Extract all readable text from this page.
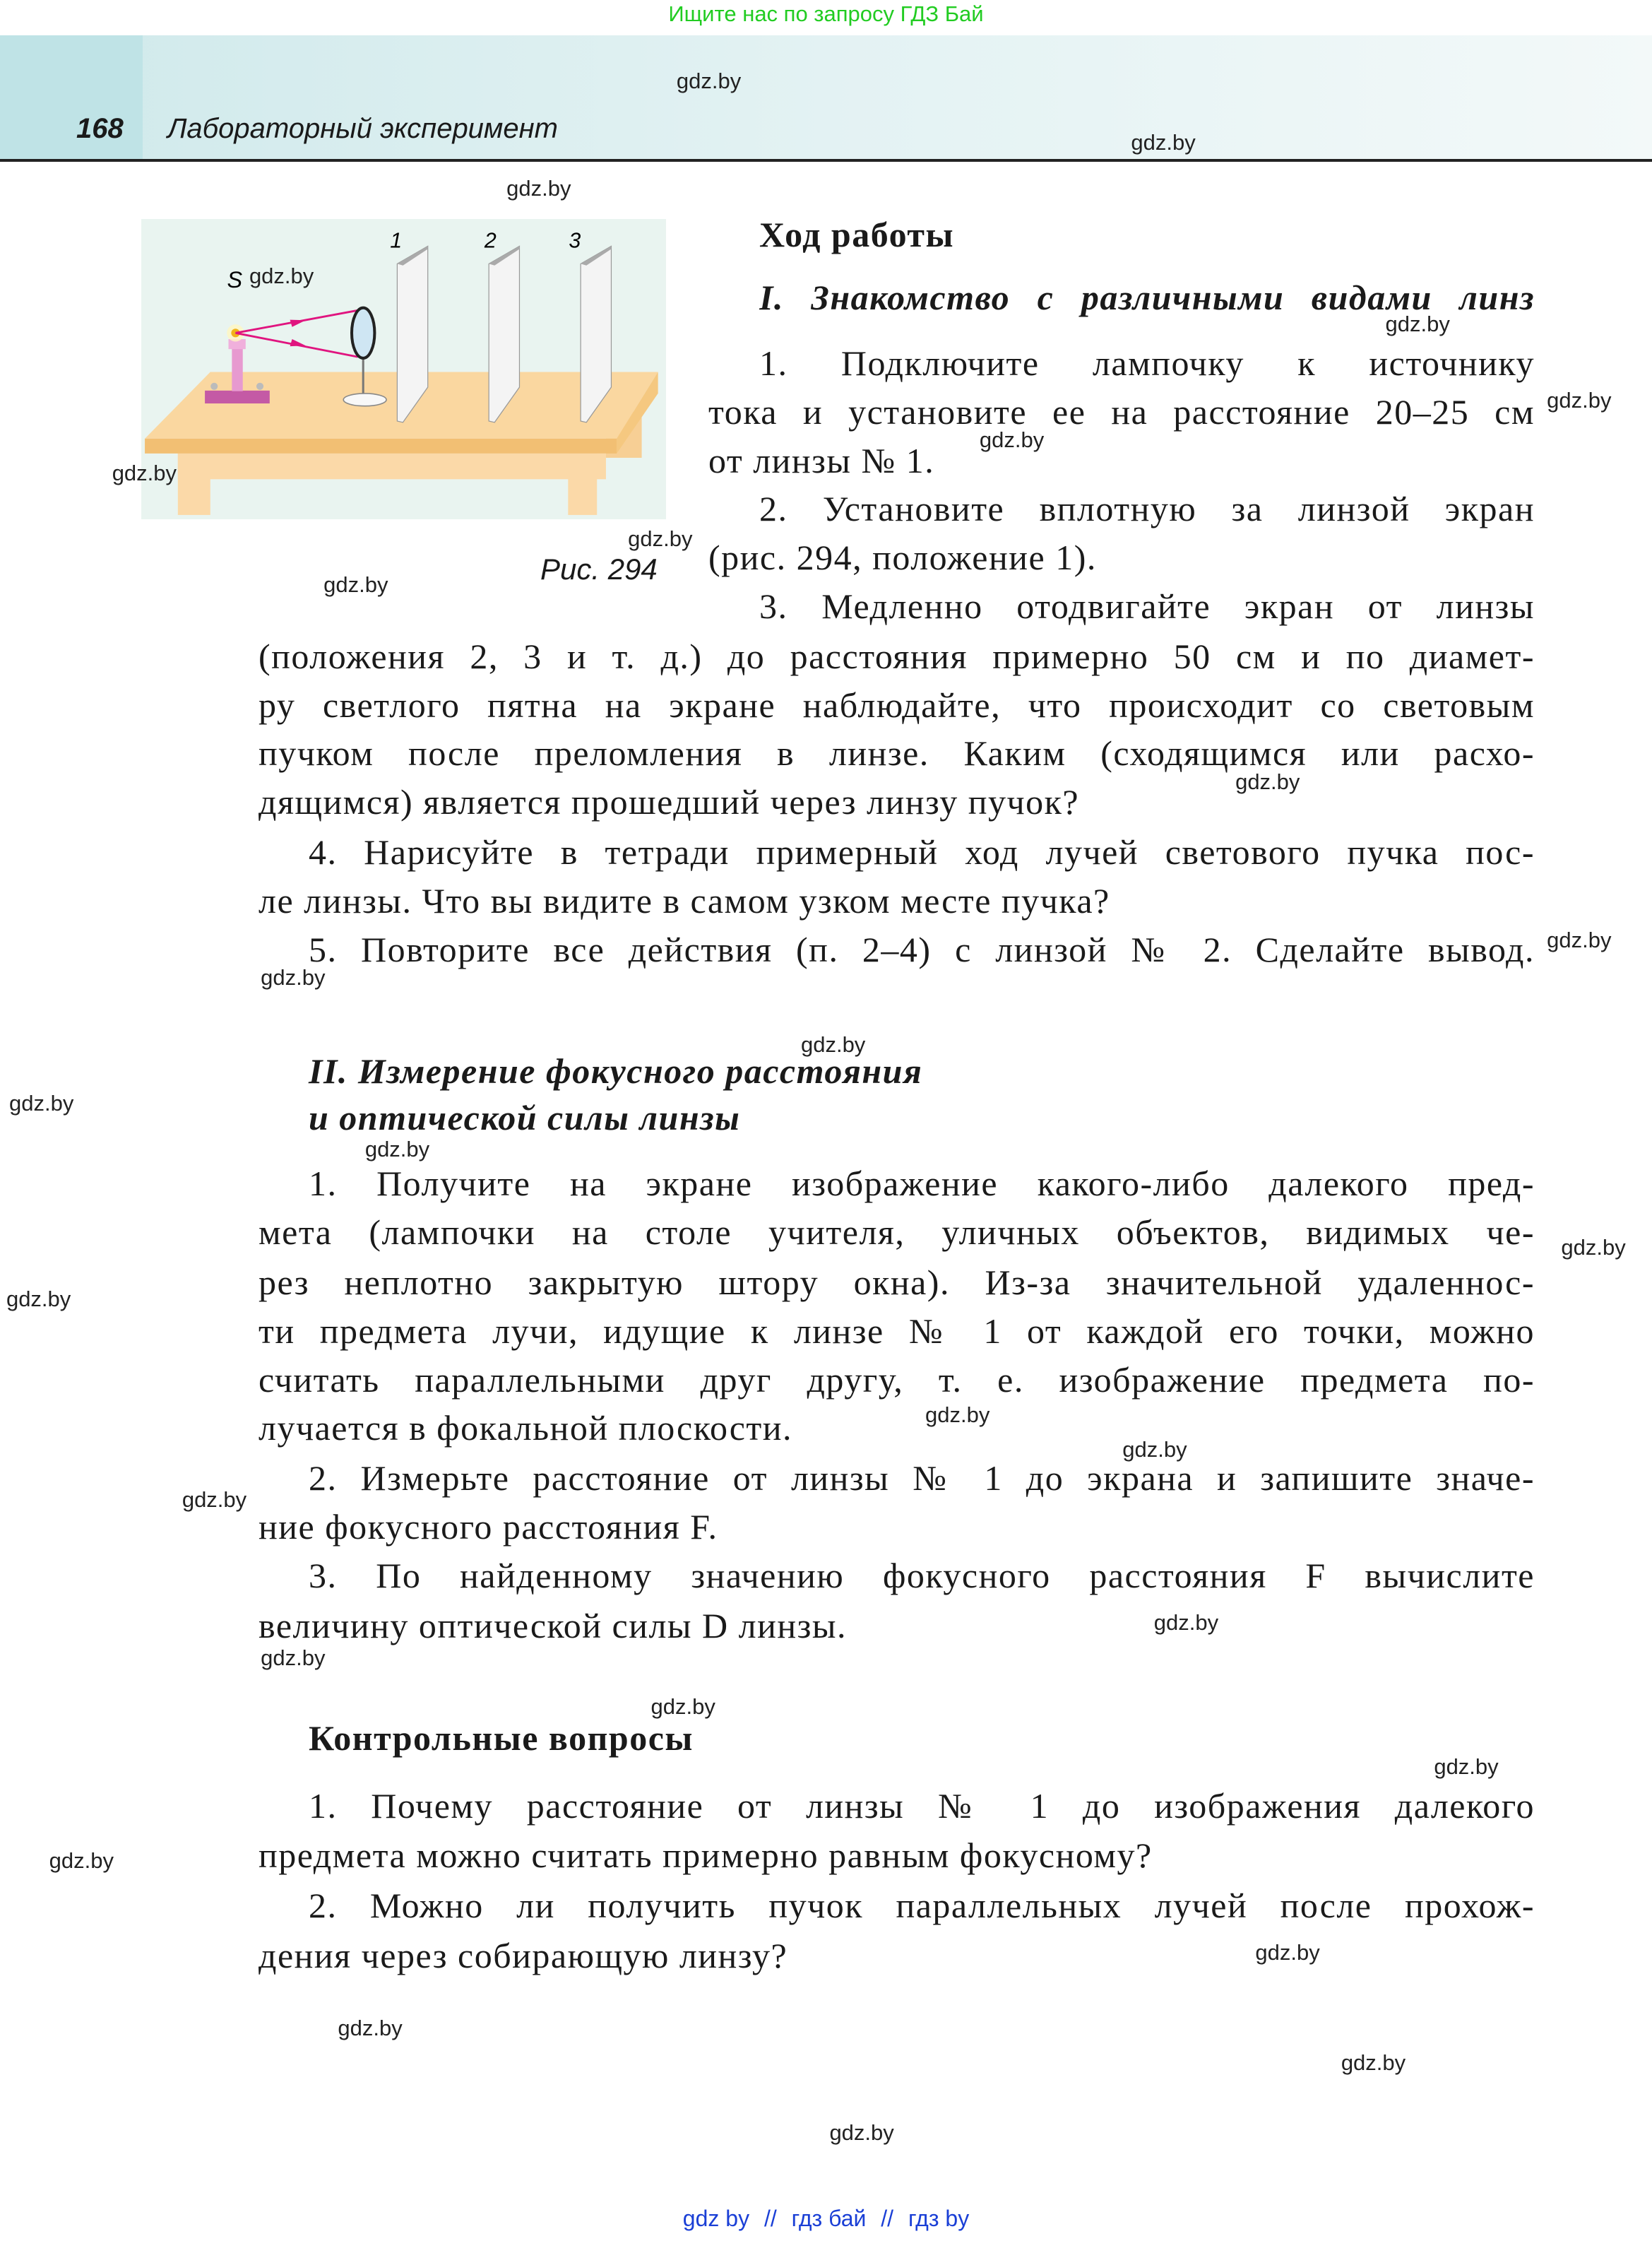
Ищите нас по запросу ГДЗ Бай
168 Лабораторный эксперимент
S
1	2	3
Рис. 294
Ход работы
I. Знакомство с различными видами линз
1. Подключите лампочку к источнику
тока и установите ее на расстояние 20–25 см
от линзы № 1.
2. Установите вплотную за линзой экран
(рис. 294, положение 1).
3. Медленно отодвигайте экран от линзы
(положения 2, 3 и т. д.) до расстояния примерно 50 см и по диамет-
ру светлого пятна на экране наблюдайте, что происходит со световым
пучком после преломления в линзе. Каким (сходящимся или расхо-
дящимся) является прошедший через линзу пучок?
4. Нарисуйте в тетради примерный ход лучей светового пучка пос-
ле линзы. Что вы видите в самом узком месте пучка?
5. Повторите все действия (п. 2–4) с линзой № 2. Сделайте вывод.
II. Измерение фокусного расстояния
и оптической силы линзы
1. Получите на экране изображение какого-либо далекого пред-
мета (лампочки на столе учителя, уличных объектов, видимых че-
рез неплотно закрытую штору окна). Из-за значительной удаленнос-
ти предмета лучи, идущие к линзе № 1 от каждой его точки, можно
считать параллельными друг другу, т. е. изображение предмета по-
лучается в фокальной плоскости.
2. Измерьте расстояние от линзы № 1 до экрана и запишите значе-
ние фокусного расстояния F.
3. По найденному значению фокусного расстояния F вычислите
величину оптической силы D линзы.
Контрольные вопросы
1. Почему расстояние от линзы № 1 до изображения далекого
предмета можно считать примерно равным фокусному?
2. Можно ли получить пучок параллельных лучей после прохож-
дения через собирающую линзу?
gdz.by
gdz.by
gdz.by
gdz.by
gdz.by
gdz.by
gdz.by
gdz.by
gdz.by
gdz.by
gdz.by
gdz.by
gdz.by
gdz.by
gdz.by
gdz.by
gdz.by
gdz.by
gdz.by
gdz.by
gdz.by
gdz.by
gdz.by
gdz.by
gdz.by
gdz.by
gdz.by
gdz.by
gdz.by
gdz.by
gdz by // гдз бай // гдз by
